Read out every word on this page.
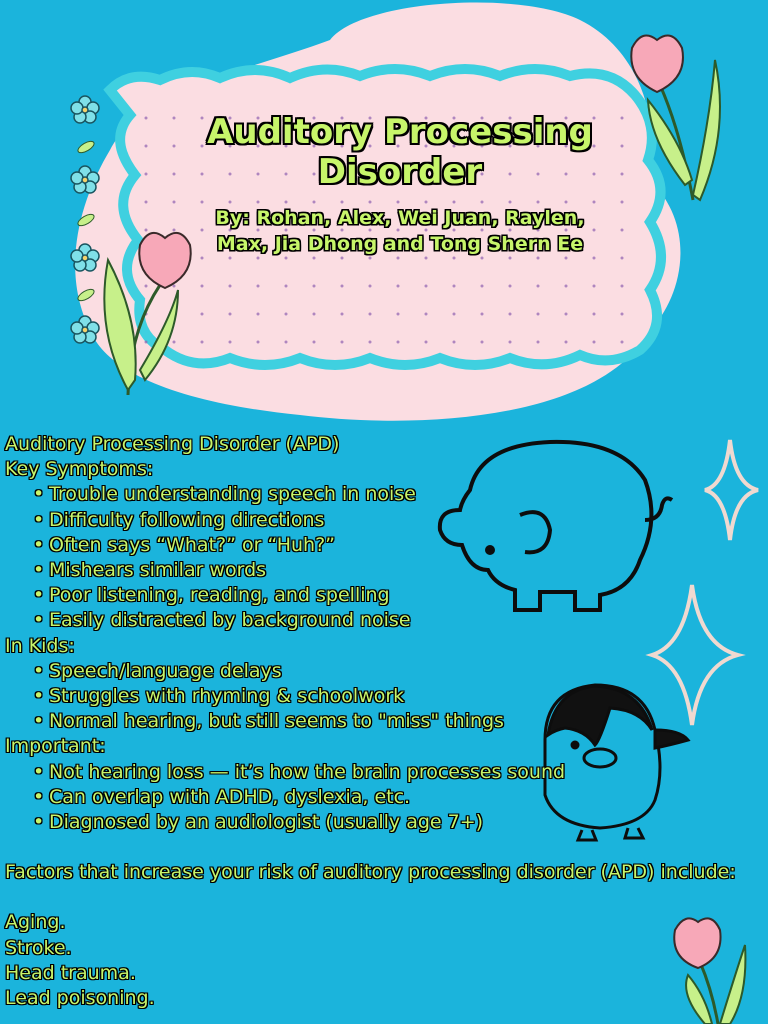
Auditory Processing Disorder
By: Rohan, Alex, Wei Juan, Raylen, Max, Jia Dhong and Tong Shern Ee
Auditory Processing Disorder (APD)
Key Symptoms:
• Trouble understanding speech in noise
• Difficulty following directions
• Often says “What?” or “Huh?”
• Mishears similar words
• Poor listening, reading, and spelling
• Easily distracted by background noise
In Kids:
• Speech/language delays
• Struggles with rhyming & schoolwork
• Normal hearing, but still seems to "miss" things
Important:
• Not hearing loss — it’s how the brain processes sound
• Can overlap with ADHD, dyslexia, etc.
• Diagnosed by an audiologist (usually age 7+)
Factors that increase your risk of auditory processing disorder (APD) include:
Aging.
Stroke.
Head trauma.
Lead poisoning.
